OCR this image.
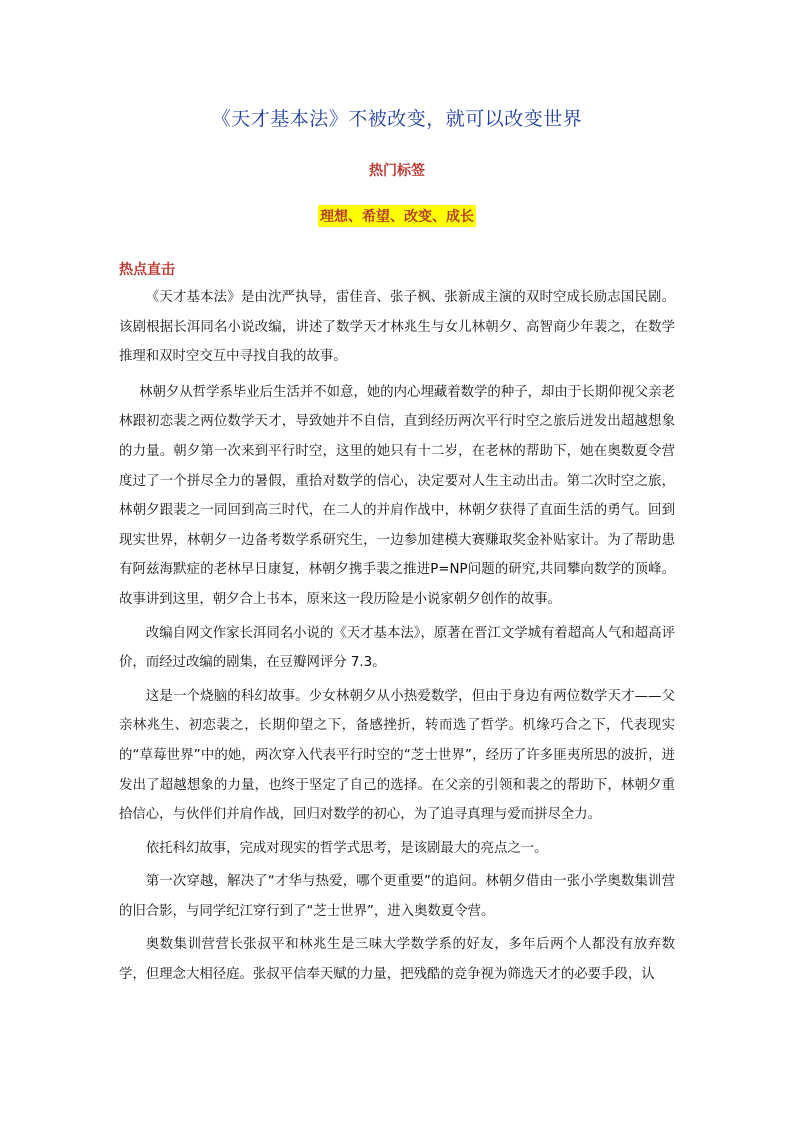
《天才基本法》不被改变，就可以改变世界
热门标签
理想、希望、改变、成长
热点直击

《天才基本法》是由沈严执导，雷佳音、张子枫、张新成主演的双时空成长励志国民剧。该剧根据长洱同名小说改编，讲述了数学天才林兆生与女儿林朝夕、高智商少年裴之，在数学推理和双时空交互中寻找自我的故事。

林朝夕从哲学系毕业后生活并不如意，她的内心埋藏着数学的种子，却由于长期仰视父亲老林跟初恋裴之两位数学天才，导致她并不自信，直到经历两次平行时空之旅后迸发出超越想象的力量。朝夕第一次来到平行时空，这里的她只有十二岁，在老林的帮助下，她在奥数夏令营度过了一个拼尽全力的暑假，重拾对数学的信心，决定要对人生主动出击。第二次时空之旅，林朝夕跟裴之一同回到高三时代，在二人的并肩作战中，林朝夕获得了直面生活的勇气。回到现实世界，林朝夕一边备考数学系研究生，一边参加建模大赛赚取奖金补贴家计。为了帮助患有阿兹海默症的老林早日康复，林朝夕携手裴之推进P=NP问题的研究,共同攀向数学的顶峰。故事讲到这里，朝夕合上书本，原来这一段历险是小说家朝夕创作的故事。

改编自网文作家长洱同名小说的《天才基本法》，原著在晋江文学城有着超高人气和超高评价，而经过改编的剧集，在豆瓣网评分 7.3。

这是一个烧脑的科幻故事。少女林朝夕从小热爱数学，但由于身边有两位数学天才——父亲林兆生、初恋裴之，长期仰望之下，备感挫折，转而选了哲学。机缘巧合之下，代表现实的“草莓世界”中的她，两次穿入代表平行时空的“芝士世界”，经历了许多匪夷所思的波折，迸发出了超越想象的力量，也终于坚定了自己的选择。在父亲的引领和裴之的帮助下，林朝夕重拾信心，与伙伴们并肩作战，回归对数学的初心，为了追寻真理与爱而拼尽全力。

依托科幻故事，完成对现实的哲学式思考，是该剧最大的亮点之一。

第一次穿越，解决了“才华与热爱，哪个更重要”的追问。林朝夕借由一张小学奥数集训营的旧合影，与同学纪江穿行到了“芝士世界”，进入奥数夏令营。

奥数集训营营长张叔平和林兆生是三味大学数学系的好友，多年后两个人都没有放弃数学，但理念大相径庭。张叔平信奉天赋的力量，把残酷的竞争视为筛选天才的必要手段，认
